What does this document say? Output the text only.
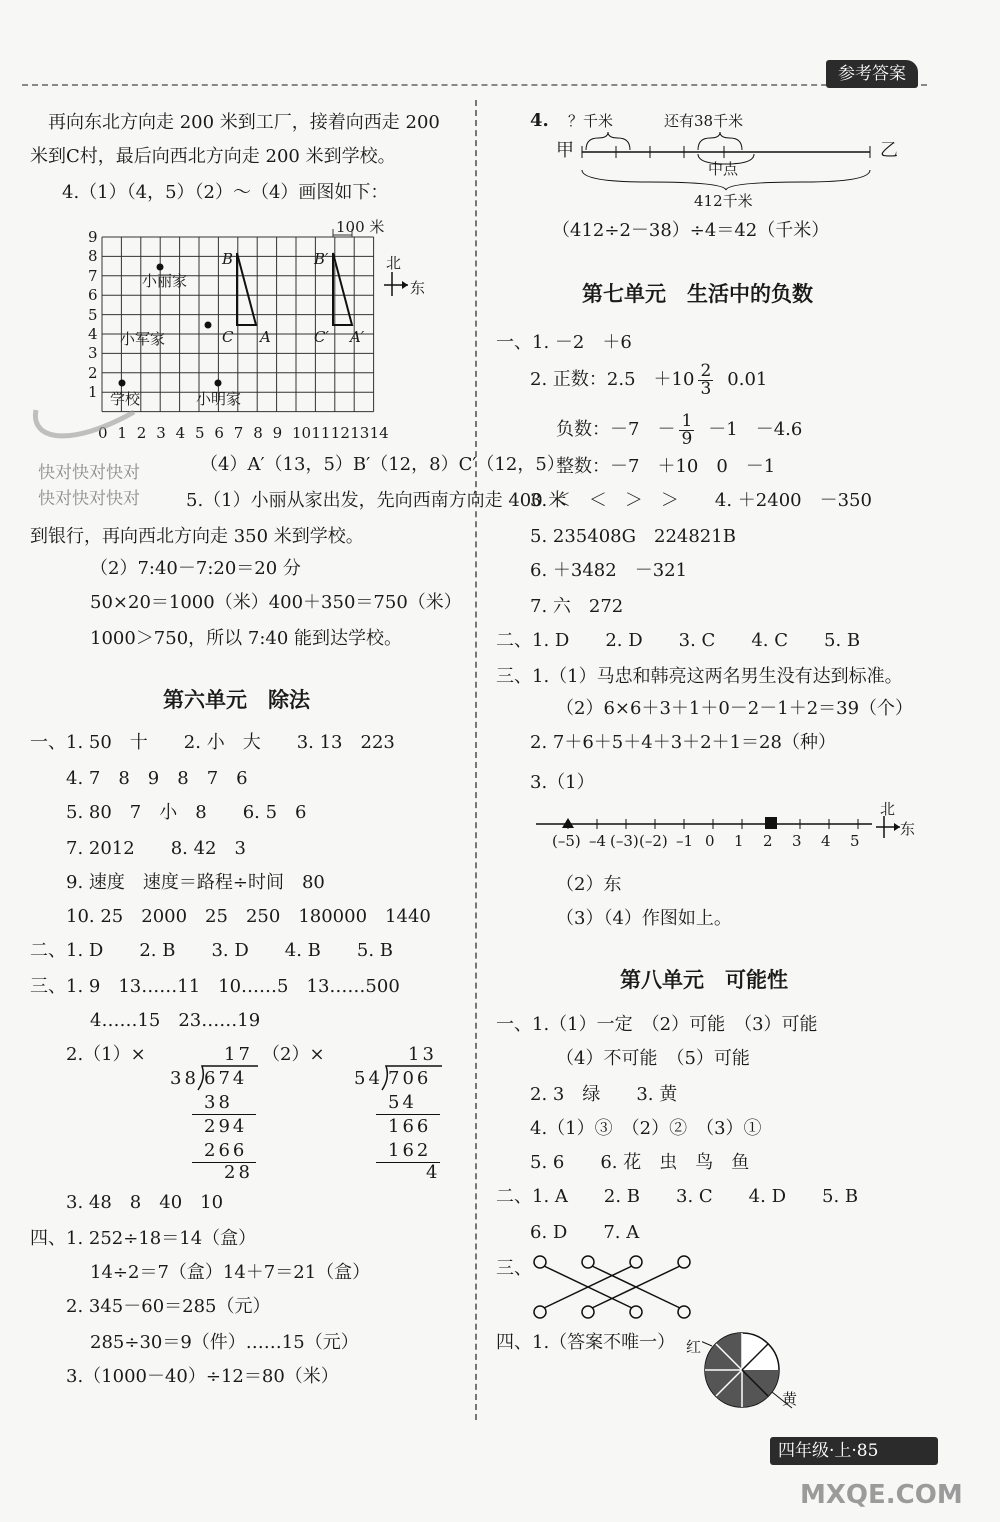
参考答案
再向东北方向走 200 米到工厂，接着向西走 200
米到C村，最后向西北方向走 200 米到学校。
4.（1）（4，5）（2）～（4）画图如下：
100 米
小丽家
小军家
学校	小明家
B
C A
B′
C′ A′
9
8
7
6
5
4
3
2
1
0 1 2 3 4 5 6 7 8 9 10 11 12 13 14
北
东
快对快对快对
快对快对快对
（4）A′（13，5）B′（12，8）C′（12，5）
5.（1）小丽从家出发，先向西南方向走 400 米
到银行，再向西北方向走 350 米到学校。
（2）7:40－7:20＝20 分
50×20＝1000（米）400＋350＝750（米）
1000＞750，所以 7:40 能到达学校。
第六单元　除法
一、1. 50　十　　2. 小　大　　3. 13　223
4. 7　8　9　8　7　6
5. 80　7　小　8　　6. 5　6
7. 2012　　8. 42　3
9. 速度　速度＝路程÷时间　80
10. 25　2000　25　250　180000　1440
二、1. D　　2. B　　3. D　　4. B　　5. B
三、1. 9　13……11　10……5　13……500
4……15　23……19
2.（1）×	（2）×
17
38 674
38
294
266
28
13
54 706
54
166
162
4
3. 48　8　40　10
四、1. 252÷18＝14（盒）
14÷2＝7（盒）14＋7＝21（盒）
2. 345－60＝285（元）
285÷30＝9（件）……15（元）
3.（1000－40）÷12＝80（米）
4. ？千米	还有38千米
甲	乙
中点
412千米
（412÷2－38）÷4＝42（千米）
第七单元　生活中的负数
一、1. －2　＋6
2. 正数：2.5　$+10 \frac{2}{3} 0.01$
负数：－7　－ $\frac{1}{9} -1$　－4.6
整数：－7　＋10　0　－1
3. ＜　＜　＞　＞　　4. ＋2400　－350
5. 235408G　224821B
6. ＋3482　－321
7. 六　272
二、1. D　　2. D　　3. C　　4. C　　5. B
三、1.（1）马忠和韩亮这两名男生没有达到标准。
（2）6×6＋3＋1＋0－2－1＋2＝39（个）
2. 7＋6＋5＋4＋3＋2＋1＝28（种）
3.（1）
(–5) –4 (–3) (–2) –1 0 1 2 3 4 5
北
东
（2）东
（3）（4）作图如上。
第八单元　可能性
一、1.（1）一定　（2）可能　（3）可能
（4）不可能　（5）可能
2. 3　绿　　3. 黄
4.（1）③　（2）②　（3）①
5. 6　　6. 花　虫　鸟　鱼
二、1. A　　2. B　　3. C　　4. D　　5. B
6. D　　7. A
三、
四、1.（答案不唯一） 红
黄
四年级·上·85
MXQE.COM
